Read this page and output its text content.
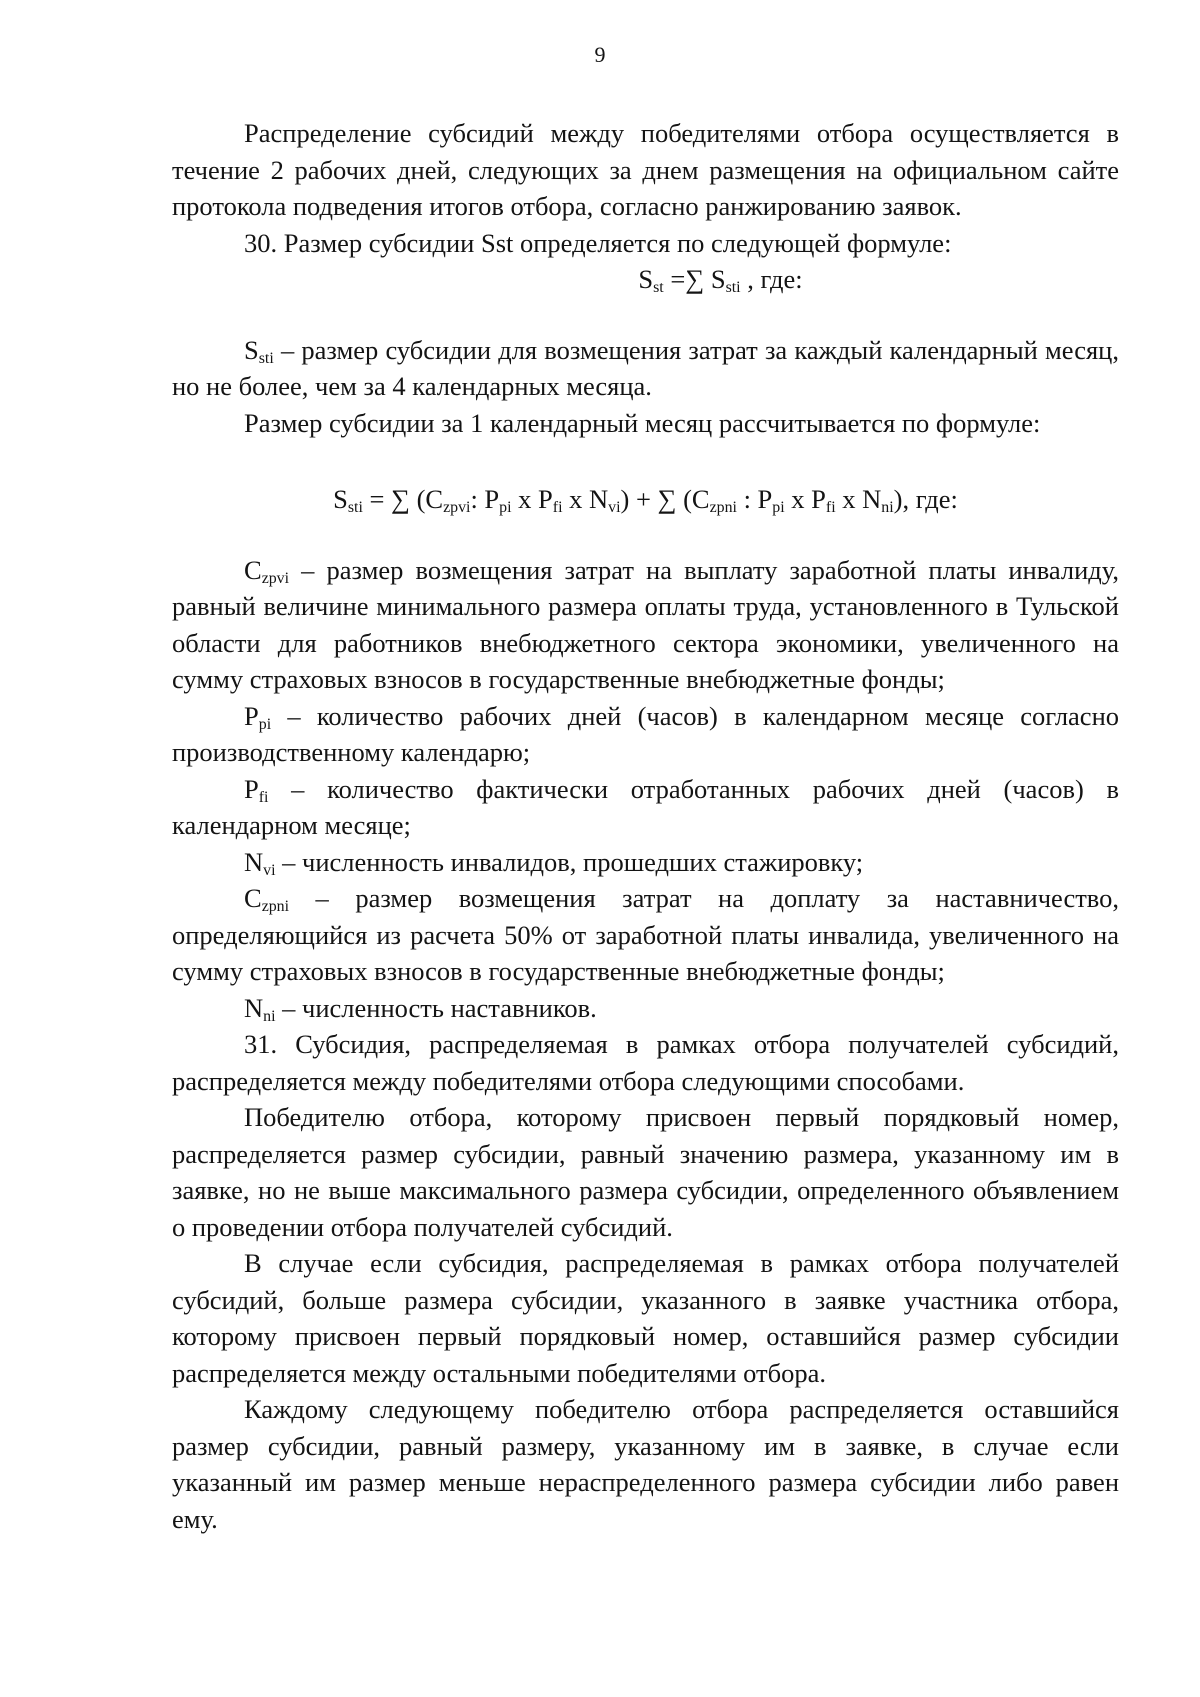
9

Распределение субсидий между победителями отбора осуществляется в течение 2 рабочих дней, следующих за днем размещения на официальном сайте протокола подведения итогов отбора, согласно ранжированию заявок.

30. Размер субсидии Sst определяется по следующей формуле:

$S_{st}$ =∑ $S_{sti}$ , где:

$S_{sti}$ – размер субсидии для возмещения затрат за каждый календарный месяц, но не более, чем за 4 календарных месяца.

Размер субсидии за 1 календарный месяц рассчитывается по формуле:

$S_{sti}$ = ∑ ($C_{zpvi}$: $P_{pi}$ x $P_{fi}$ x $N_{vi}$) + ∑ ($C_{zpni}$ : $P_{pi}$ x $P_{fi}$ x $N_{ni}$), где:

$C_{zpvi}$ – размер возмещения затрат на выплату заработной платы инвалиду, равный величине минимального размера оплаты труда, установленного в Тульской области для работников внебюджетного сектора экономики, увеличенного на сумму страховых взносов в государственные внебюджетные фонды;

$P_{pi}$ – количество рабочих дней (часов) в календарном месяце согласно производственному календарю;

$P_{fi}$ – количество фактически отработанных рабочих дней (часов) в календарном месяце;

$N_{vi}$ – численность инвалидов, прошедших стажировку;

$C_{zpni}$ – размер возмещения затрат на доплату за наставничество, определяющийся из расчета 50% от заработной платы инвалида, увеличенного на сумму страховых взносов в государственные внебюджетные фонды;

$N_{ni}$ – численность наставников.

31. Субсидия, распределяемая в рамках отбора получателей субсидий, распределяется между победителями отбора следующими способами.

Победителю отбора, которому присвоен первый порядковый номер, распределяется размер субсидии, равный значению размера, указанному им в заявке, но не выше максимального размера субсидии, определенного объявлением о проведении отбора получателей субсидий.

В случае если субсидия, распределяемая в рамках отбора получателей субсидий, больше размера субсидии, указанного в заявке участника отбора, которому присвоен первый порядковый номер, оставшийся размер субсидии распределяется между остальными победителями отбора.

Каждому следующему победителю отбора распределяется оставшийся размер субсидии, равный размеру, указанному им в заявке, в случае если указанный им размер меньше нераспределенного размера субсидии либо равен ему.
